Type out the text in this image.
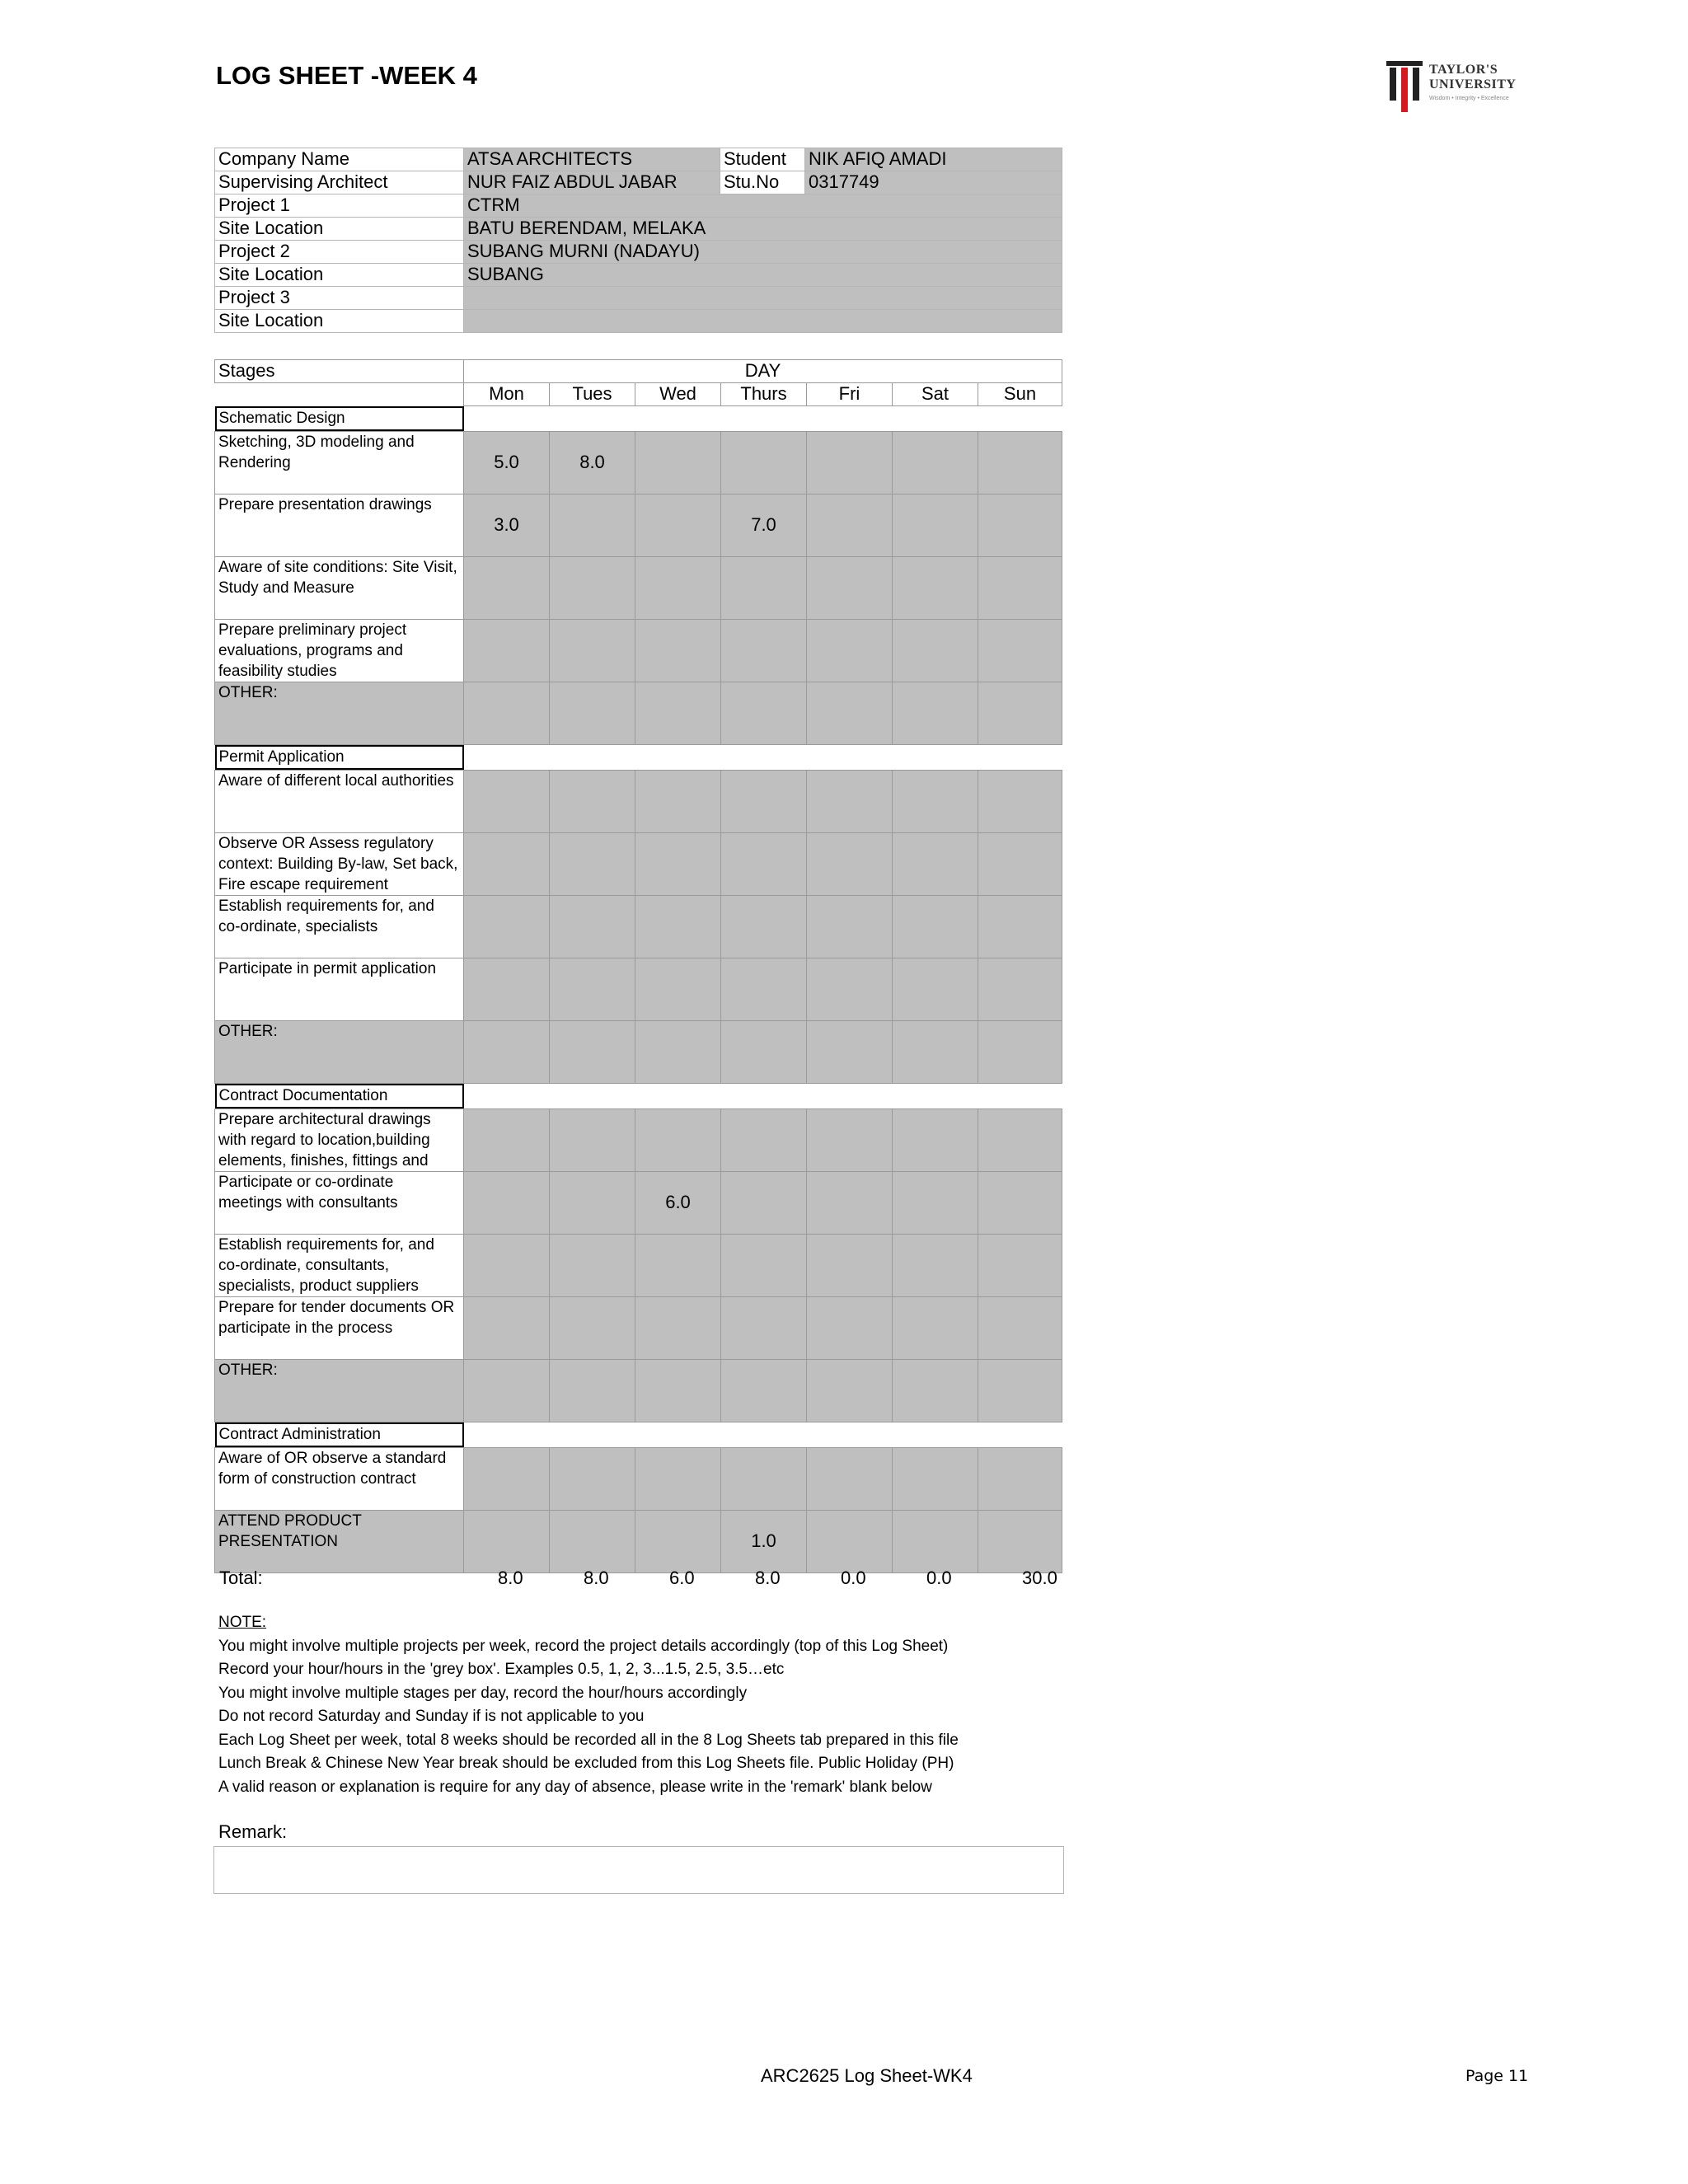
LOG SHEET -WEEK 4	TAYLOR'S
UNIVERSITY
Wisdom • Integrity • Excellence
Company Name	ATSA ARCHITECTS	Student	NIK AFIQ AMADI
Supervising Architect	NUR FAIZ ABDUL JABAR	Stu.No	0317749
Project 1	CTRM		
Site Location	BATU BERENDAM, MELAKA		
Project 2	SUBANG MURNI (NADAYU)		
Site Location	SUBANG		
Project 3			
Site Location			
Stages	DAY						
	Mon	Tues	Wed	Thurs	Fri	Sat	Sun

Schematic Design							

Sketching, 3D modeling and Rendering	5.0	8.0					
Prepare presentation drawings	3.0			7.0			
Aware of site conditions: Site Visit, Study and Measure							
Prepare preliminary project evaluations, programs and feasibility studies							
OTHER:							

Permit Application							

Aware of different local authorities							
Observe OR Assess regulatory context: Building By-law, Set back, Fire escape requirement							
Establish requirements for, and co-ordinate, specialists							
Participate in permit application							
OTHER:							

Contract Documentation							

Prepare architectural drawings with regard to location,building elements, finishes, fittings and							
Participate or co-ordinate meetings with consultants			6.0				
Establish requirements for, and co-ordinate, consultants, specialists, product suppliers							
Prepare for tender documents OR participate in the process							
OTHER:							

Contract Administration							

Aware of OR observe a standard form of construction contract							
ATTEND PRODUCT PRESENTATION				1.0			
Total:	8.0	8.0	6.0	8.0	0.0	0.0	30.0
NOTE:
You might involve multiple projects per week, record the project details accordingly (top of this Log Sheet)
Record your hour/hours in the 'grey box'. Examples 0.5, 1, 2, 3...1.5, 2.5, 3.5…etc
You might involve multiple stages per day, record the hour/hours accordingly
Do not record Saturday and Sunday if is not applicable to you
Each Log Sheet per week, total 8 weeks should be recorded all in the 8 Log Sheets tab prepared in this file
Lunch Break & Chinese New Year break should be excluded from this Log Sheets file. Public Holiday (PH)
A valid reason or explanation is require for any day of absence, please write in the 'remark' blank below
Remark:
ARC2625 Log Sheet-WK4	Page 11
